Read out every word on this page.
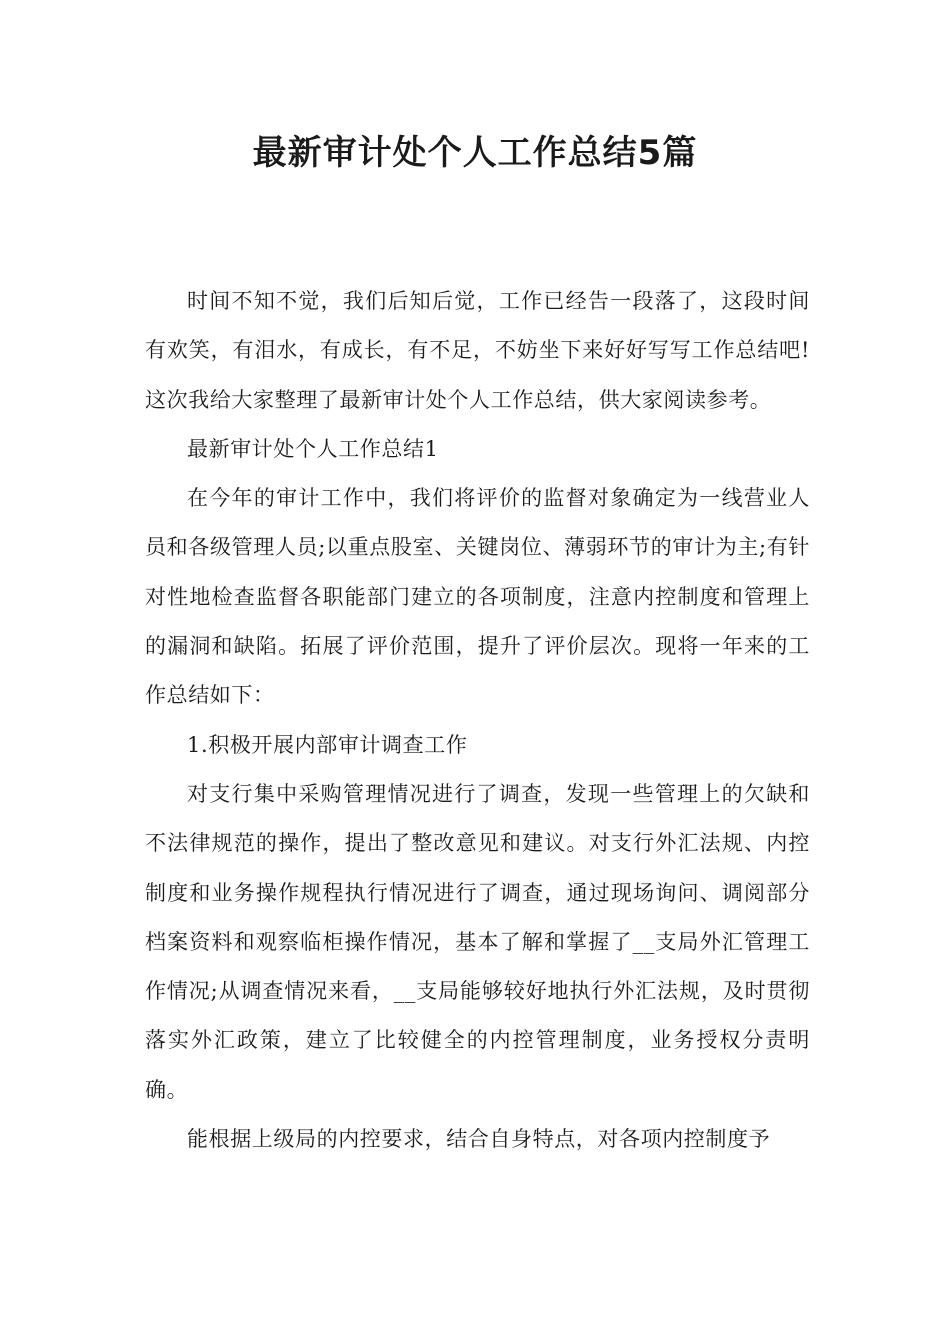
最新审计处个人工作总结5篇

时间不知不觉，我们后知后觉，工作已经告一段落了，这段时间有欢笑，有泪水，有成长，有不足，不妨坐下来好好写写工作总结吧!这次我给大家整理了最新审计处个人工作总结，供大家阅读参考。

最新审计处个人工作总结1

在今年的审计工作中，我们将评价的监督对象确定为一线营业人员和各级管理人员;以重点股室、关键岗位、薄弱环节的审计为主;有针对性地检查监督各职能部门建立的各项制度，注意内控制度和管理上的漏洞和缺陷。拓展了评价范围，提升了评价层次。现将一年来的工作总结如下：

1.积极开展内部审计调查工作

对支行集中采购管理情况进行了调查，发现一些管理上的欠缺和不法律规范的操作，提出了整改意见和建议。对支行外汇法规、内控制度和业务操作规程执行情况进行了调查，通过现场询问、调阅部分档案资料和观察临柜操作情况，基本了解和掌握了__支局外汇管理工作情况;从调查情况来看，__支局能够较好地执行外汇法规，及时贯彻落实外汇政策，建立了比较健全的内控管理制度，业务授权分责明确。

能根据上级局的内控要求，结合自身特点，对各项内控制度予
